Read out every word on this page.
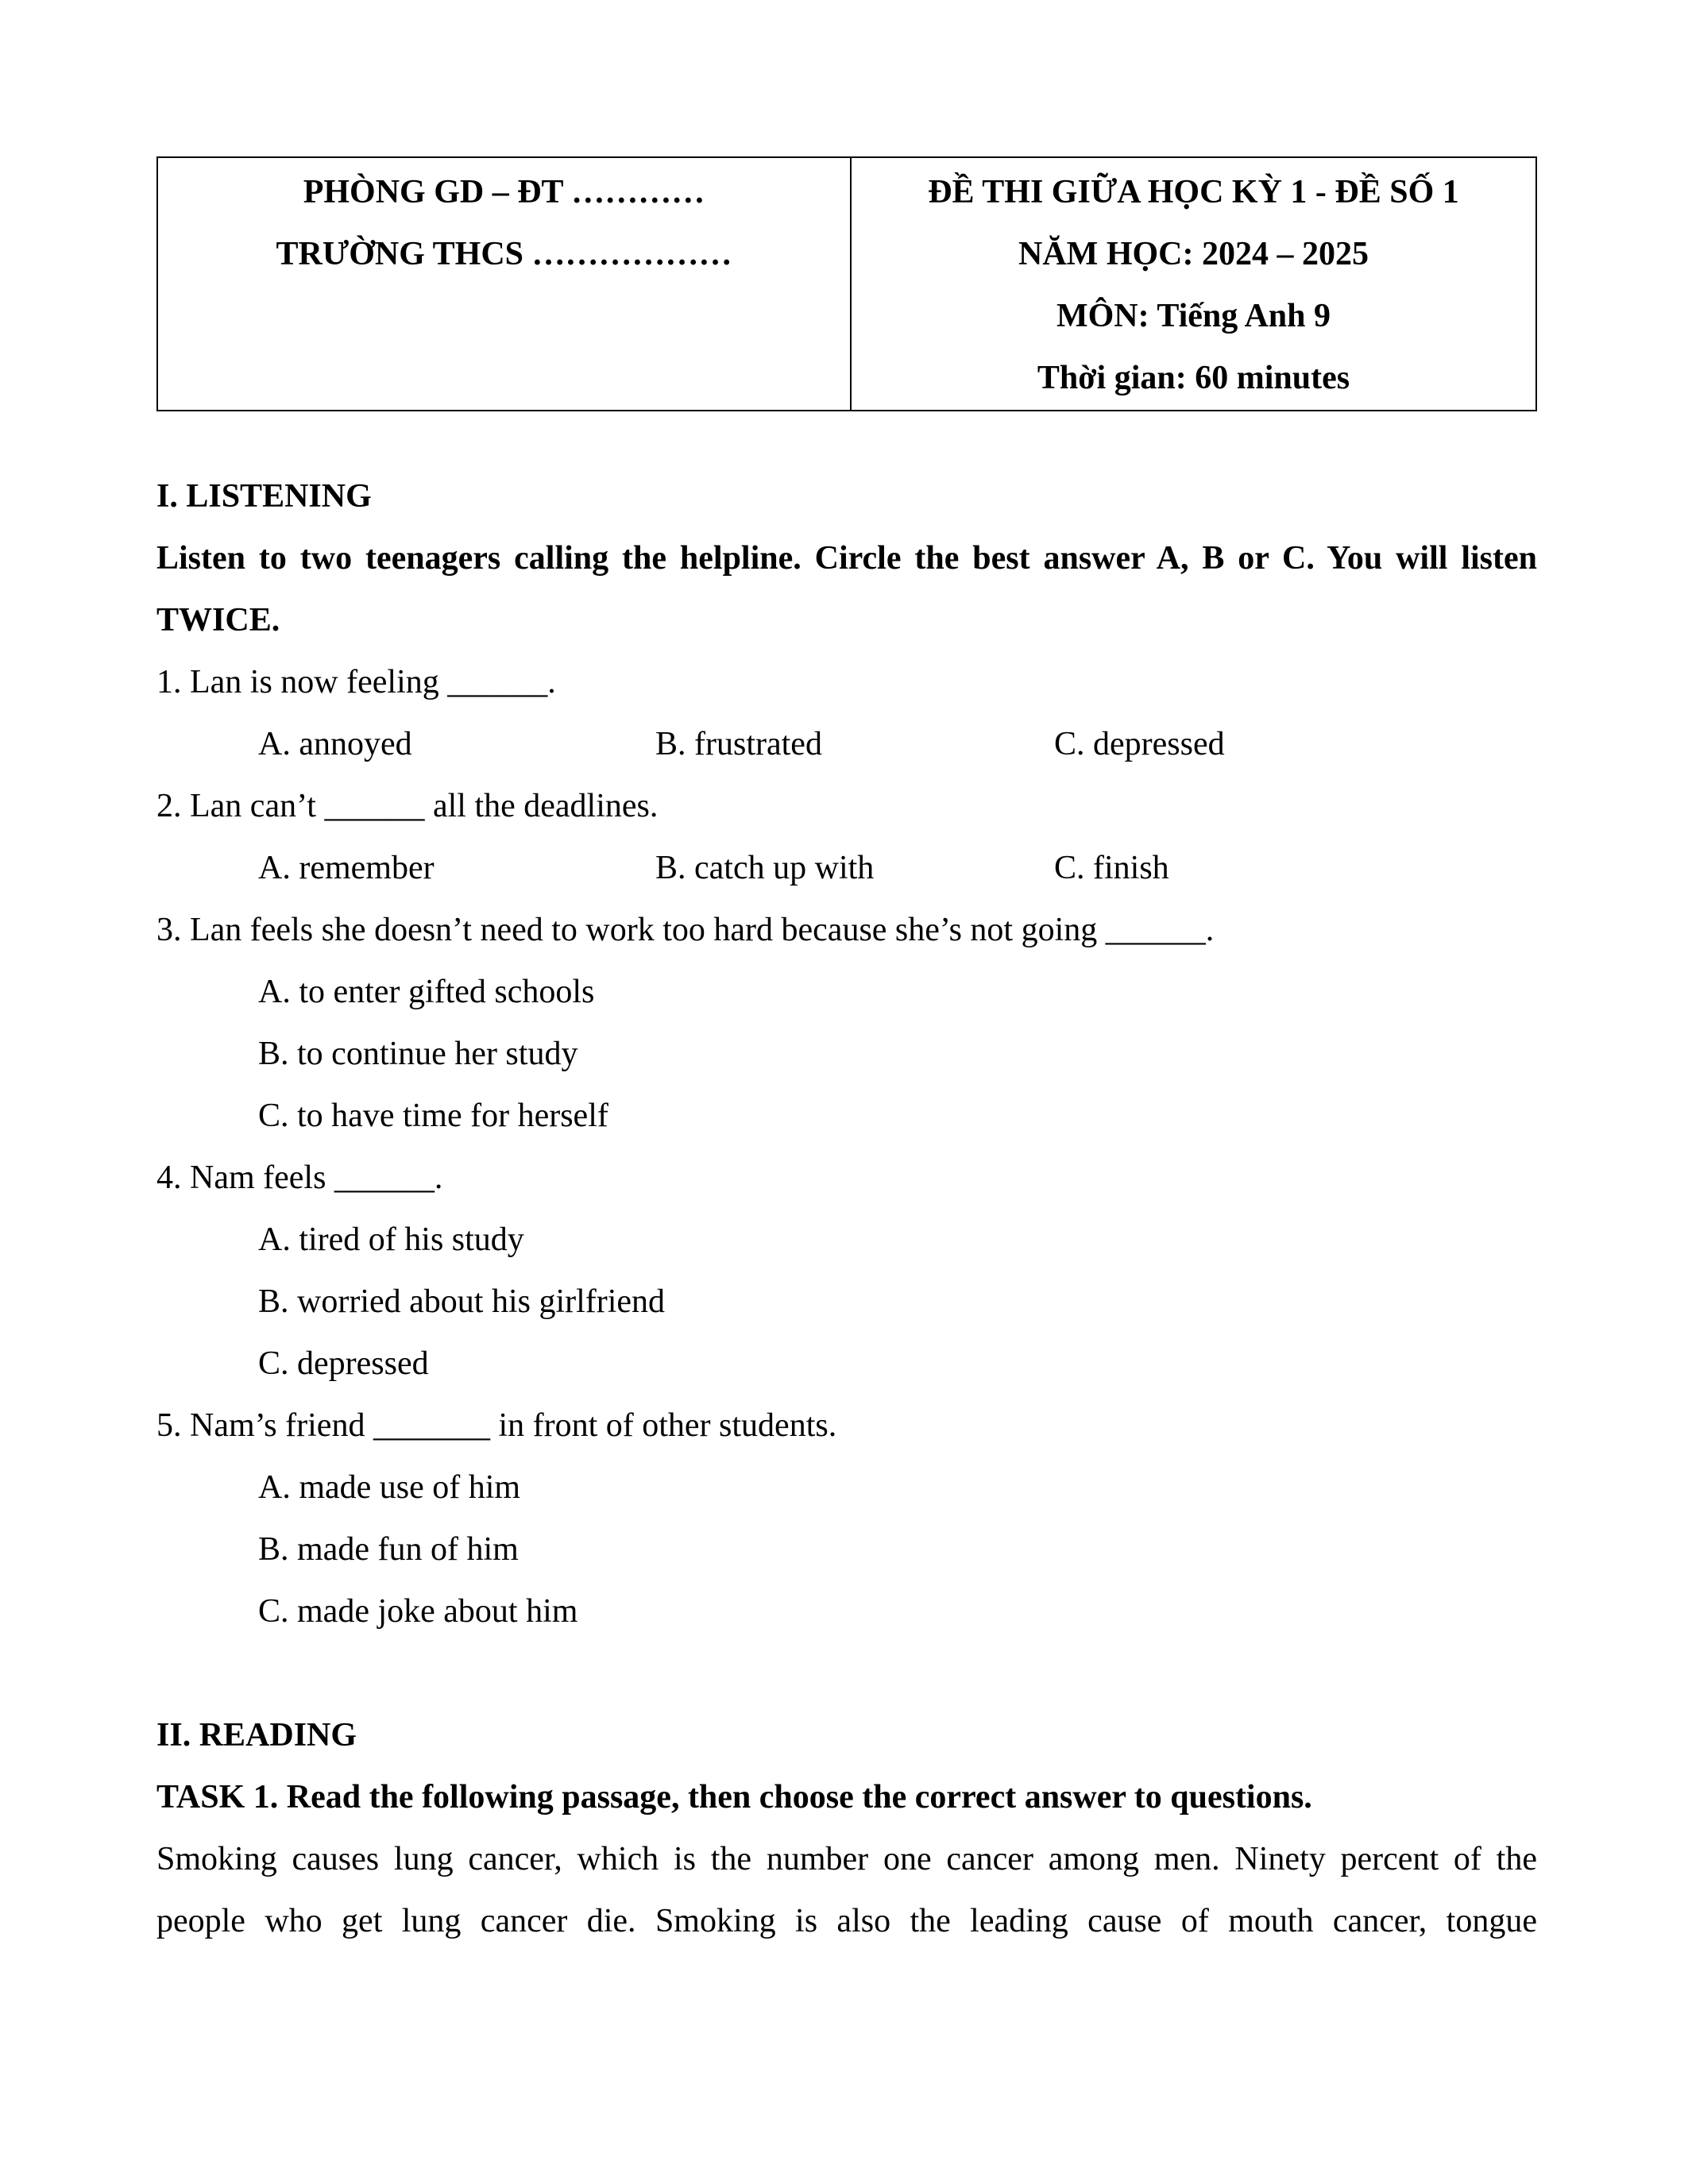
PHÒNG GD – ĐT …………
TRƯỜNG THCS ………………

ĐỀ THI GIỮA HỌC KỲ 1 - ĐỀ SỐ 1
NĂM HỌC: 2024 – 2025
MÔN: Tiếng Anh 9
Thời gian: 60 minutes
I. LISTENING
Listen to two teenagers calling the helpline. Circle the best answer A, B or C. You will listen
TWICE.
1. Lan is now feeling ______.
A. annoyed	B. frustrated	C. depressed
2. Lan can’t ______ all the deadlines.
A. remember	B. catch up with	C. finish
3. Lan feels she doesn’t need to work too hard because she’s not going ______.
A. to enter gifted schools
B. to continue her study
C. to have time for herself
4. Nam feels ______.
A. tired of his study
B. worried about his girlfriend
C. depressed
5. Nam’s friend _______ in front of other students.
A. made use of him
B. made fun of him
C. made joke about him
II. READING
TASK 1. Read the following passage, then choose the correct answer to questions.
Smoking causes lung cancer, which is the number one cancer among men. Ninety percent of the
people who get lung cancer die. Smoking is also the leading cause of mouth cancer, tongue
